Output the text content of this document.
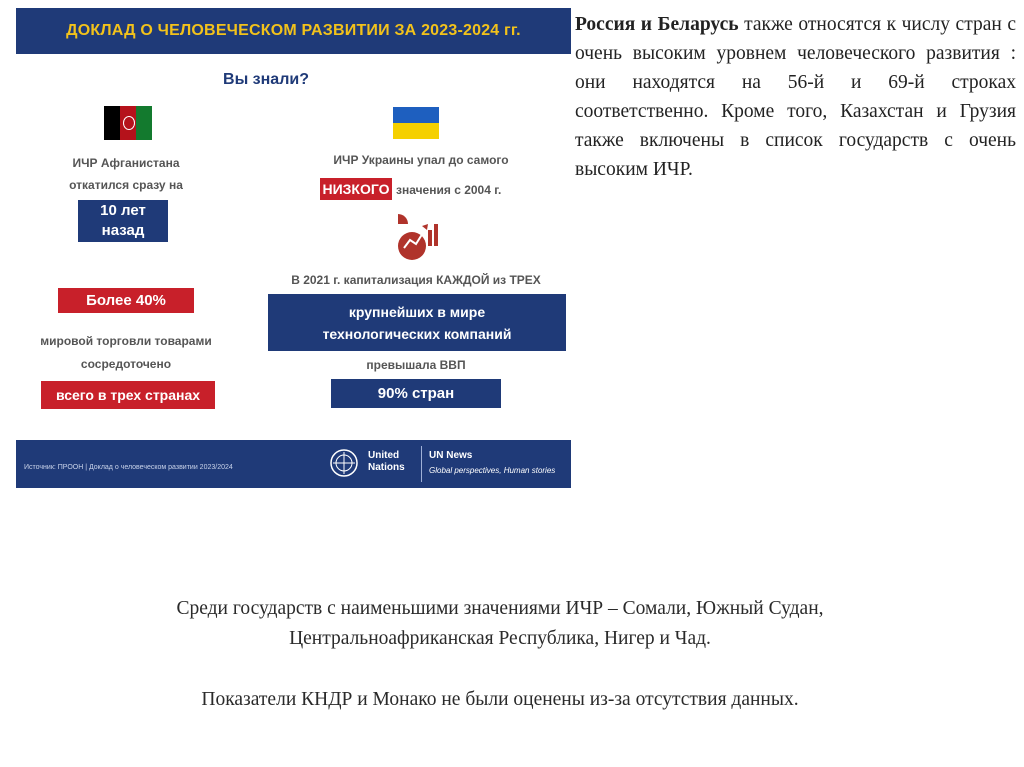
ДОКЛАД О ЧЕЛОВЕЧЕСКОМ РАЗВИТИИ ЗА 2023-2024 гг.
Вы знали?
ИЧР Афганистана
откатился сразу на
10 лет
назад
ИЧР Украины упал до самого
НИЗКОГО значения с 2004 г.
В 2021 г. капитализация КАЖДОЙ из ТРЕХ
крупнейших в мире
технологических компаний
превышала ВВП
90% стран
Более 40%
мировой торговли товарами
сосредоточено
всего в трех странах
Источник: ПРООН | Доклад о человеческом развитии 2023/2024
United
Nations
UN News
Global perspectives, Human stories
Россия и Беларусь также относятся к числу стран с очень высоким уровнем человеческого развития : они находятся на 56-й и 69-й строках соответственно. Кроме того, Казахстан и Грузия также включены в список государств с очень высоким ИЧР.
Среди государств с наименьшими значениями ИЧР – Сомали, Южный Судан,
Центральноафриканская Республика, Нигер и Чад.
Показатели КНДР и Монако не были оценены из-за отсутствия данных.
